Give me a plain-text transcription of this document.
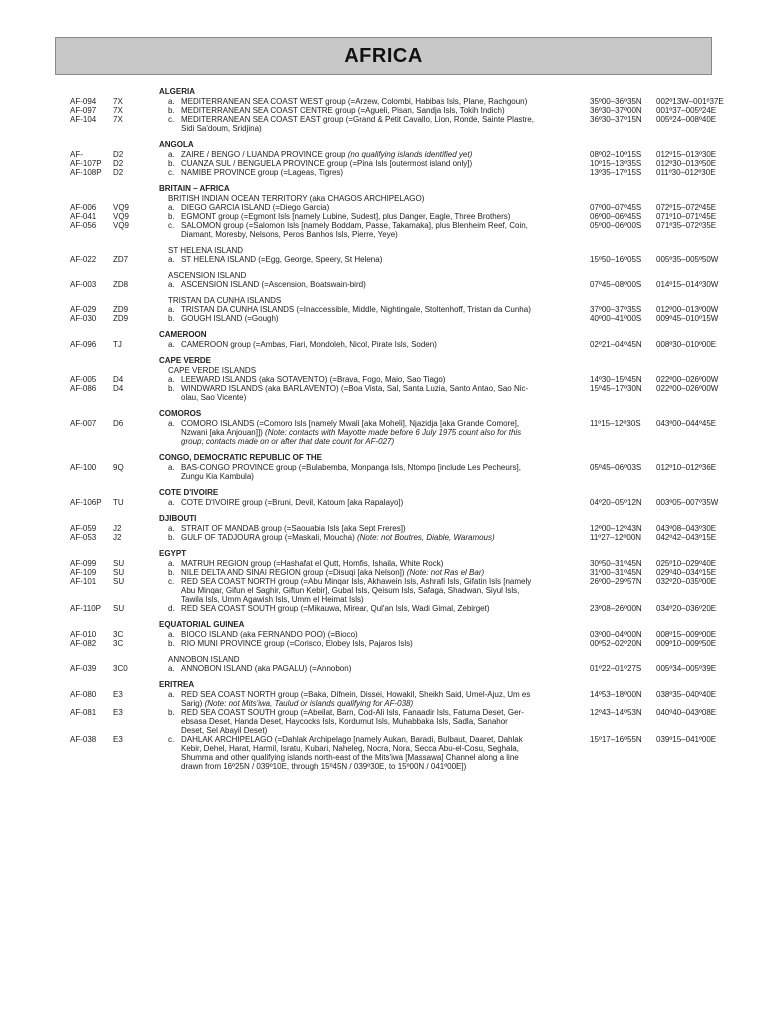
AFRICA
ALGERIA
AF-094 7X	a. MEDITERRANEAN SEA COAST WEST group (=Arzew, Colombi, Habibas Isls, Plane, Rachgoun)	35º00–36º35N 002º13W–001º37E
AF-097 7X	b. MEDITERRANEAN SEA COAST CENTRE group (=Agueli, Pisan, Sandja Isls, Tokih Indich)	36º30–37º00N 001º37–005º24E
AF-104 7X	c. MEDITERRANEAN SEA COAST EAST group (=Grand & Petit Cavallo, Lion, Ronde, Sainte Plastre,	36º30–37º15N 005º24–008º40E
Sidi Sa'doum, Sridjina)
ANGOLA
AF-	D2	a. ZAIRE / BENGO / LUANDA PROVINCE group (no qualifying islands identified yet)	08º02–10º15S 012º15–013º30E
AF-107P D2	b. CUANZA SUL / BENGUELA PROVINCE group (=Pina Isls [outermost island only])	10º15–13º35S 012º30–013º50E
AF-108P D2	c. NAMIBE PROVINCE group (=Lageas, Tigres)	13º35–17º15S 011º30–012º30E
BRITAIN – AFRICA
BRITISH INDIAN OCEAN TERRITORY (aka CHAGOS ARCHIPELAGO)
AF-006 VQ9	a. DIEGO GARCIA ISLAND (=Diego Garcia)	07º00–07º45S 072º15–072º45E
AF-041 VQ9	b. EGMONT group (=Egmont Isls [namely Lubine, Sudest], plus Danger, Eagle, Three Brothers)	06º00–06º45S 071º10–071º45E
AF-056 VQ9	c. SALOMON group (=Salomon Isls [namely Boddam, Passe, Takamaka], plus Blenheim Reef, Coin,	05º00–06º00S 071º35–072º35E
Diamant, Moresby, Nelsons, Peros Banhos Isls, Pierre, Yeye)
ST HELENA ISLAND
AF-022 ZD7	a. ST HELENA ISLAND (=Egg, George, Speery, St Helena)	15º50–16º05S 005º35–005º50W
ASCENSION ISLAND
AF-003 ZD8	a. ASCENSION ISLAND (=Ascension, Boatswain-bird)	07º45–08º00S 014º15–014º30W
TRISTAN DA CUNHA ISLANDS
AF-029 ZD9	a. TRISTAN DA CUNHA ISLANDS (=Inaccessible, Middle, Nightingale, Stoltenhoff, Tristan da Cunha)	37º00–37º35S 012º00–013º00W
AF-030 ZD9	b. GOUGH ISLAND (=Gough)	40º00–41º00S 009º45–010º15W
CAMEROON
AF-096 TJ	a. CAMEROON group (=Ambas, Fiari, Mondoleh, Nicol, Pirate Isls, Soden)	02º21–04º45N 008º30–010º00E
CAPE VERDE
CAPE VERDE ISLANDS
AF-005 D4	a. LEEWARD ISLANDS (aka SOTAVENTO) (=Brava, Fogo, Maio, Sao Tiago)	14º30–15º45N 022º00–026º00W
AF-086 D4	b. WINDWARD ISLANDS (aka BARLAVENTO) (=Boa Vista, Sal, Santa Luzia, Santo Antao, Sao Nic-	15º45–17º30N 022º00–026º00W
olau, Sao Vicente)
COMOROS
AF-007 D6	a. COMORO ISLANDS (=Comoro Isls [namely Mwali [aka Moheli], Njazidja [aka Grande Comore],	11º15–12º30S 043º00–044º45E
Nzwani [aka Anjouan]]) (Note: contacts with Mayotte made before 6 July 1975 count also for this
group; contacts made on or after that date count for AF-027)
CONGO, DEMOCRATIC REPUBLIC OF THE
AF-100 9Q	a. BAS-CONGO PROVINCE group (=Bulabemba, Monpanga Isls, Ntompo [include Les Pecheurs],	05º45–06º03S 012º10–012º36E
Zungu Kia Kambula)
COTE D'IVOIRE
AF-106P TU	a. COTE D'IVOIRE group (=Bruni, Devil, Katoum [aka Rapalayo])	04º20–05º12N 003º05–007º35W
DJIBOUTI
AF-059 J2	a. STRAIT OF MANDAB group (=Saouabia Isls [aka Sept Freres])	12º00–12º43N 043º08–043º30E
AF-053 J2	b. GULF OF TADJOURA group (=Maskali, Moucha) (Note: not Boutres, Diable, Waramous)	11º27–12º00N 042º42–043º15E
EGYPT
AF-099 SU	a. MATRUH REGION group (=Hashafat el Qutt, Homfis, Ishaila, White Rock)	30º50–31º45N 025º10–029º40E
AF-109 SU	b. NILE DELTA AND SINAI REGION group (=Disuqi [aka Nelson]) (Note: not Ras el Bar)	31º00–31º45N 029º40–034º15E
AF-101 SU	c. RED SEA COAST NORTH group (=Abu Minqar Isls, Akhawein Isls, Ashrafi Isls, Gifatin Isls [namely	26º00–29º57N 032º20–035º00E
Abu Minqar, Gifun el Saghir, Giftun Kebir], Gubal Isls, Qeisum Isls, Safaga, Shadwan, Siyul Isls,
Tawila Isls, Umm Agawish Isls, Umm el Heimat Isls)
AF-110P SU	d. RED SEA COAST SOUTH group (=Mikauwa, Mirear, Qul'an Isls, Wadi Gimal, Zebirget)	23º08–26º00N 034º20–036º20E
EQUATORIAL GUINEA
AF-010 3C	a. BIOCO ISLAND (aka FERNANDO POO) (=Bioco)	03º00–04º00N 008º15–009º00E
AF-082 3C	b. RIO MUNI PROVINCE group (=Corisco, Elobey Isls, Pajaros Isls)	00º52–02º20N 009º10–009º50E
ANNOBON ISLAND
AF-039 3C0	a. ANNOBON ISLAND (aka PAGALU) (=Annobon)	01º22–01º27S 005º34–005º39E
ERITREA
AF-080 E3	a. RED SEA COAST NORTH group (=Baka, Difnein, Dissei, Howakil, Sheikh Said, Umel-Ajuz, Um es	14º53–18º00N 038º35–040º40E
Sarig) (Note: not Mits'iwa, Taulud or islands qualifying for AF-038)
AF-081 E3	b. RED SEA COAST SOUTH group (=Abeilat, Barn, Cod-Ali Isls, Fanaadir Isls, Fatuma Deset, Ger-	12º43–14º53N 040º40–043º08E
ebsasa Deset, Handa Deset, Haycocks Isls, Kordumut Isls, Muhabbaka Isls, Sadla, Sanahor
Deset, Sel Abayil Deset)
AF-038 E3	c. DAHLAK ARCHIPELAGO (=Dahlak Archipelago [namely Aukan, Baradi, Bulbaut, Daaret, Dahlak	15º17–16º55N 039º15–041º00E
Kebir, Dehel, Harat, Harmil, Isratu, Kubari, Naheleg, Nocra, Nora, Secca Abu-el-Cosu, Seghala,
Shumma and other qualifying islands north-east of the Mits'iwa [Massawa] Channel along a line
drawn from 16º25N / 039º10E, through 15º45N / 039º30E, to 15º00N / 041º00E])
